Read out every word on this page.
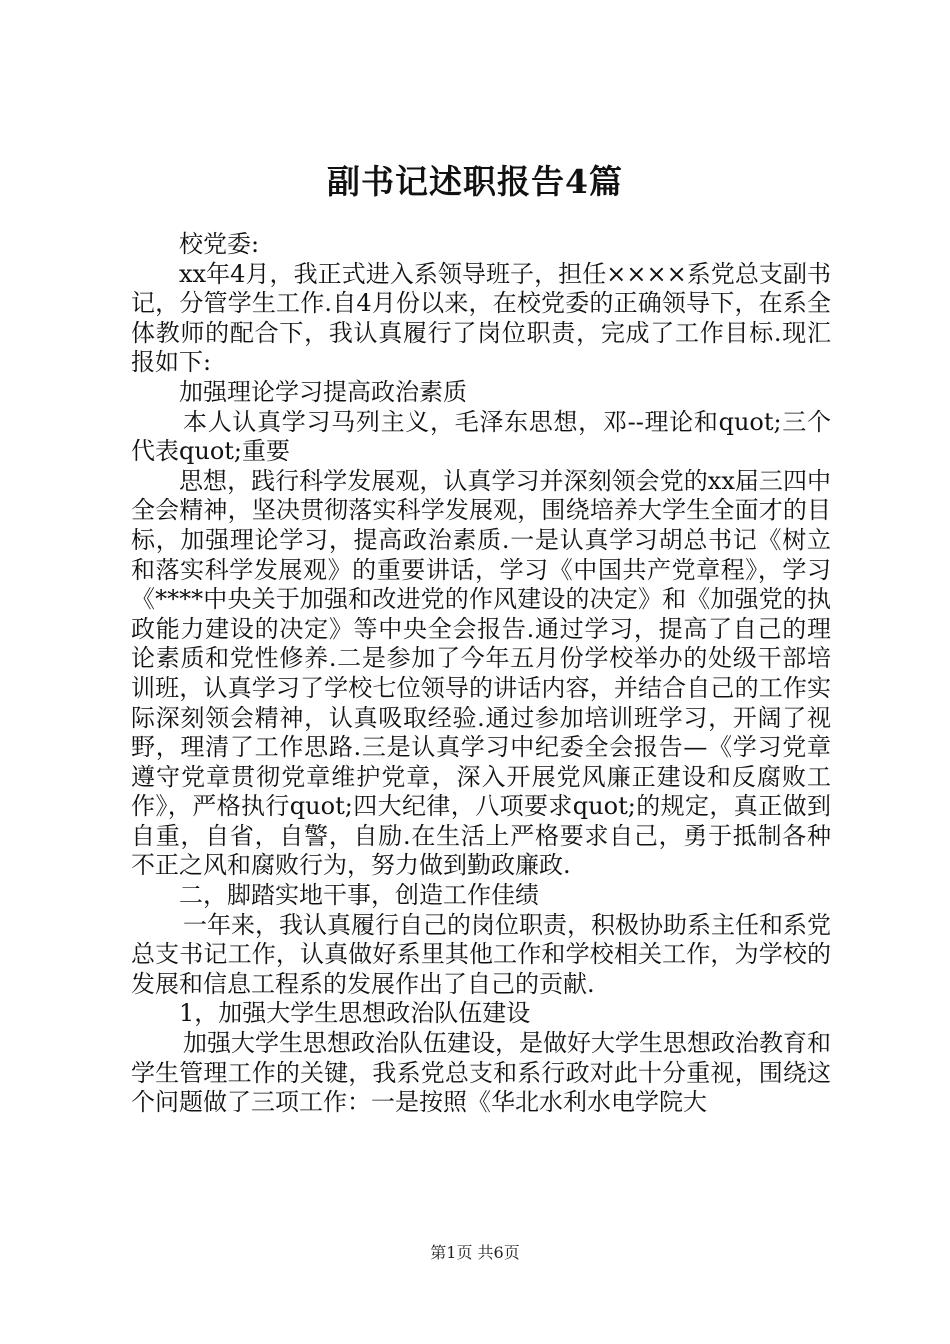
副书记述职报告4篇

校党委:

xx年4月，我正式进入系领导班子，担任××××系党总支副书记，分管学生工作.自4月份以来，在校党委的正确领导下，在系全体教师的配合下，我认真履行了岗位职责，完成了工作目标.现汇报如下:

加强理论学习提高政治素质

本人认真学习马列主义，毛泽东思想，邓--理论和quot;三个代表quot;重要

思想，践行科学发展观，认真学习并深刻领会党的xx届三四中全会精神，坚决贯彻落实科学发展观，围绕培养大学生全面才的目标，加强理论学习，提高政治素质.一是认真学习胡总书记《树立和落实科学发展观》的重要讲话，学习《中国共产党章程》，学习《****中央关于加强和改进党的作风建设的决定》和《加强党的执政能力建设的决定》等中央全会报告.通过学习，提高了自己的理论素质和党性修养.二是参加了今年五月份学校举办的处级干部培训班，认真学习了学校七位领导的讲话内容，并结合自己的工作实际深刻领会精神，认真吸取经验.通过参加培训班学习，开阔了视野，理清了工作思路.三是认真学习中纪委全会报告—《学习党章遵守党章贯彻党章维护党章，深入开展党风廉正建设和反腐败工作》，严格执行quot;四大纪律，八项要求quot;的规定，真正做到自重，自省，自警，自励.在生活上严格要求自己，勇于抵制各种不正之风和腐败行为，努力做到勤政廉政.

二，脚踏实地干事，创造工作佳绩

一年来，我认真履行自己的岗位职责，积极协助系主任和系党总支书记工作，认真做好系里其他工作和学校相关工作，为学校的发展和信息工程系的发展作出了自己的贡献.

1，加强大学生思想政治队伍建设

加强大学生思想政治队伍建设，是做好大学生思想政治教育和学生管理工作的关键，我系党总支和系行政对此十分重视，围绕这个问题做了三项工作：一是按照《华北水利水电学院大

第1页 共6页
